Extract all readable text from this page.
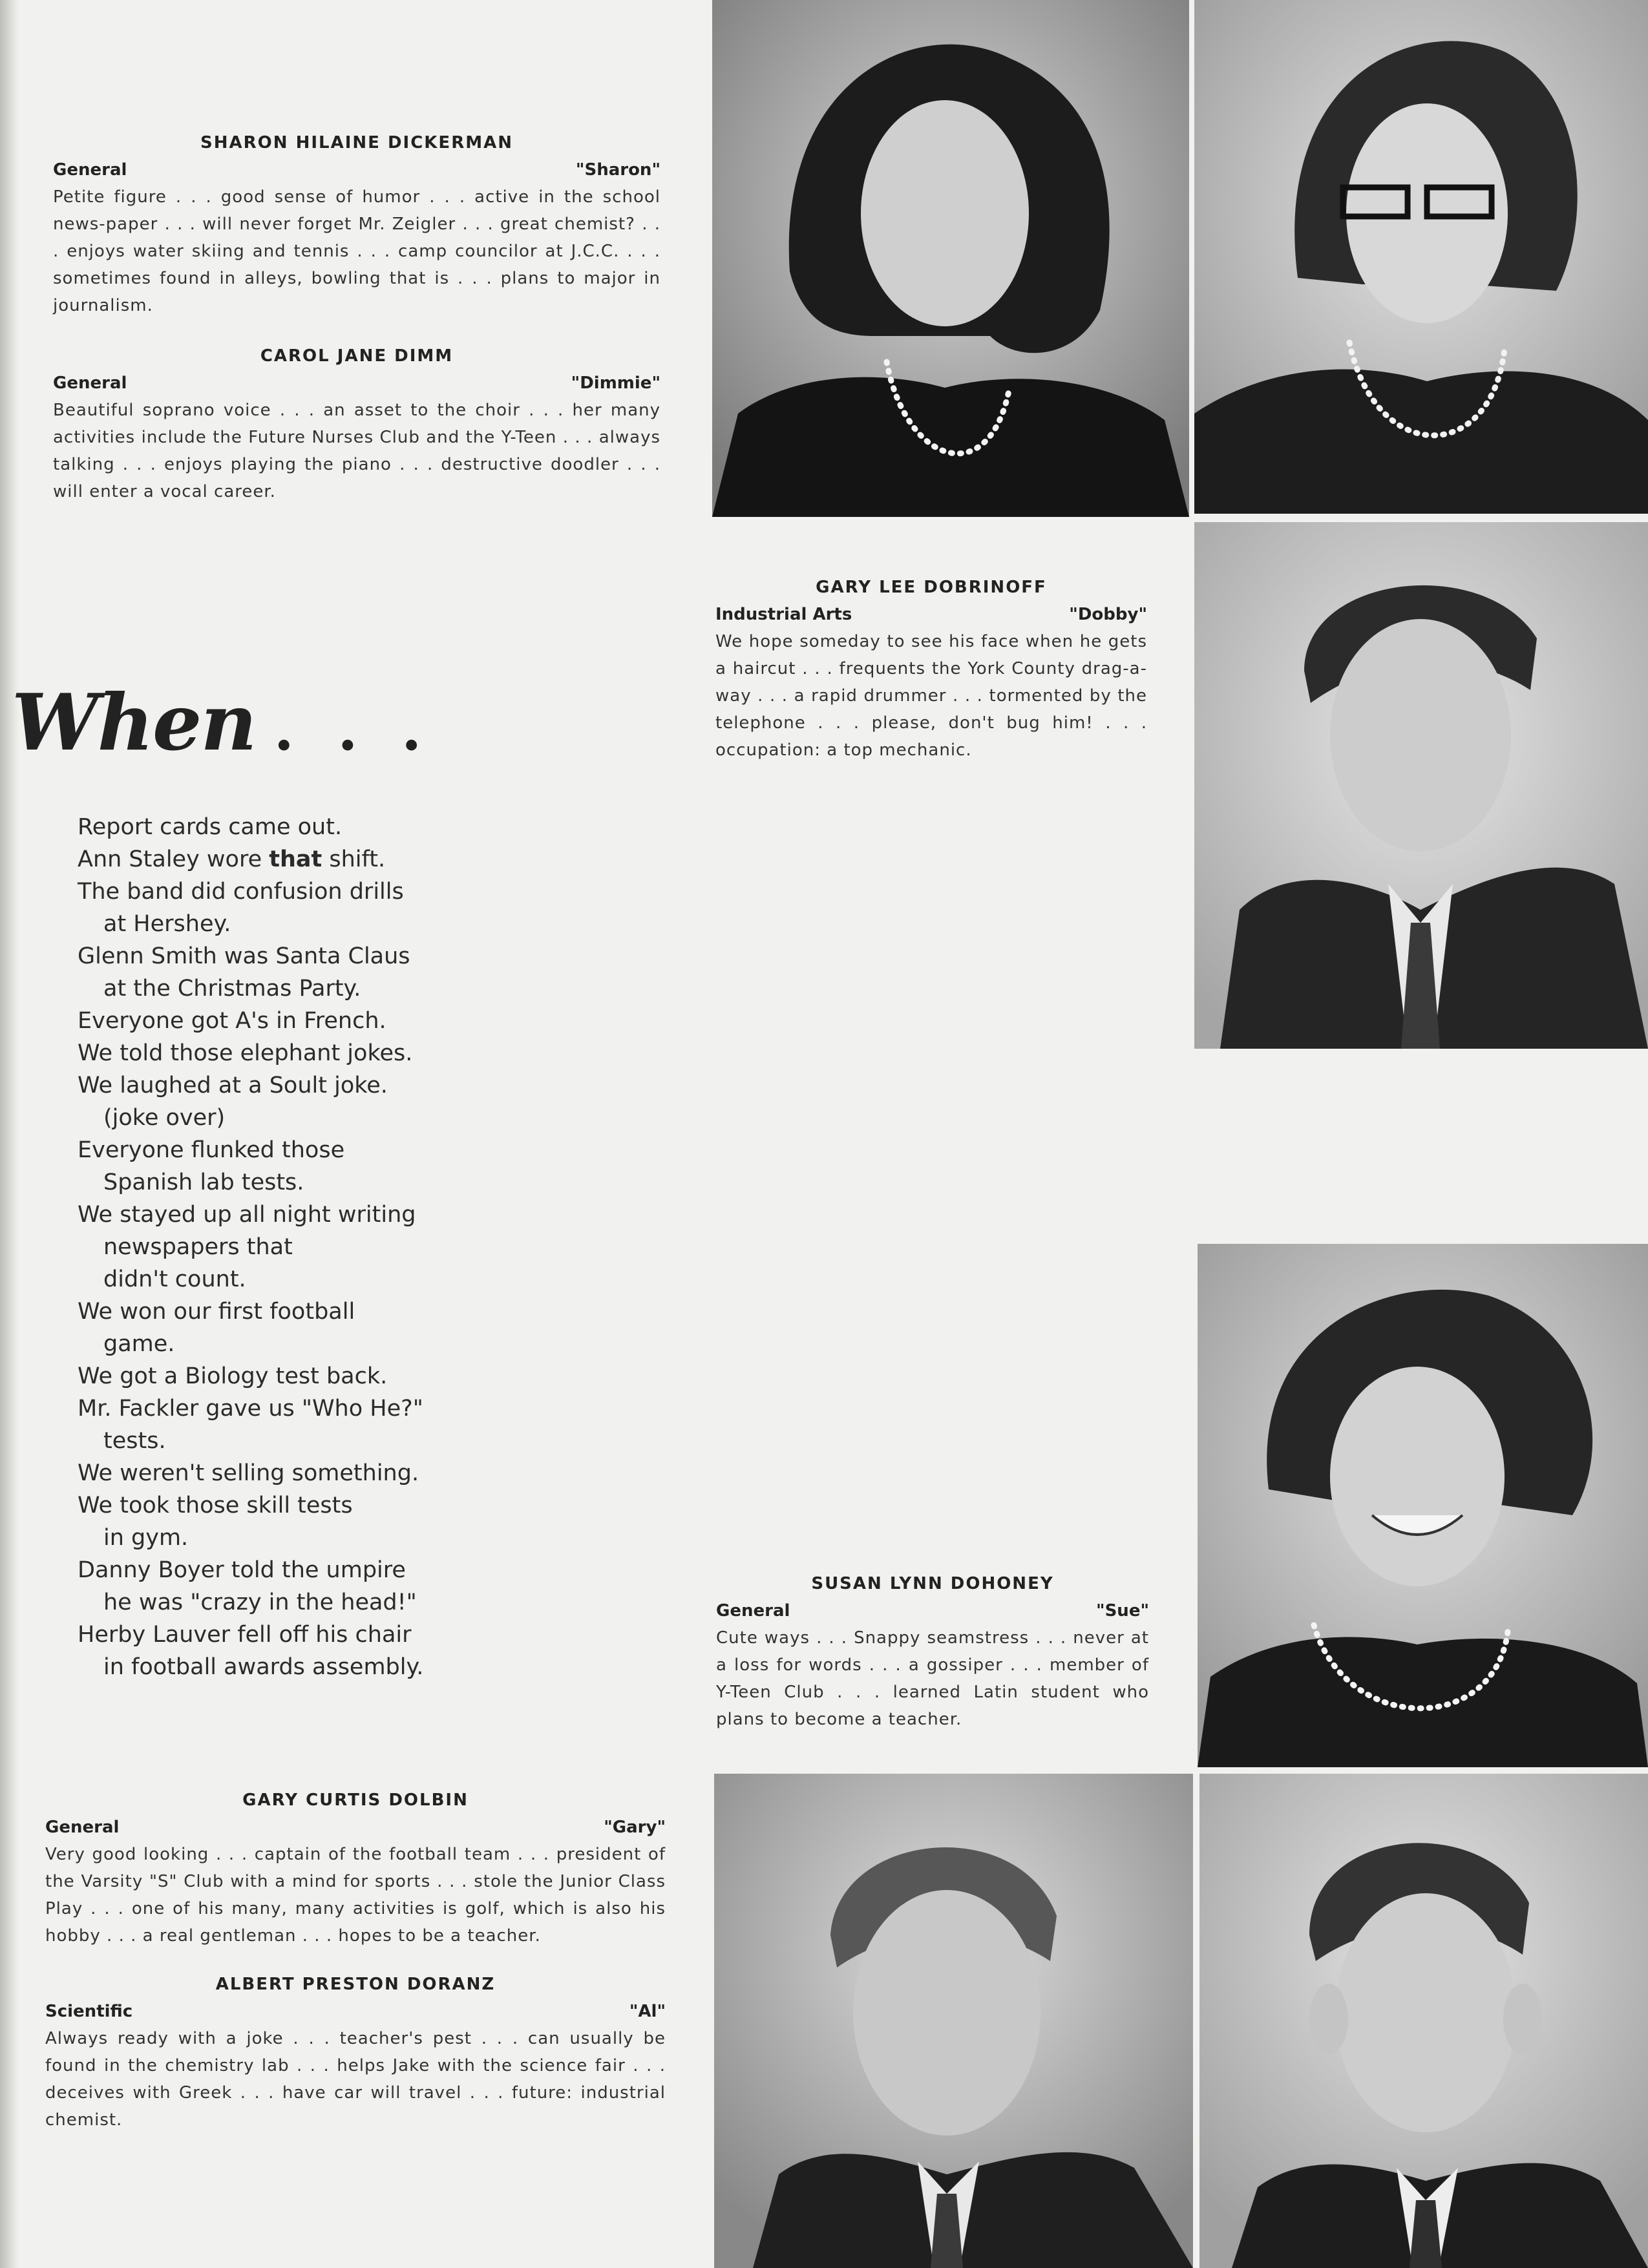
SHARON HILAINE DICKERMAN
General	"Sharon"
Petite figure . . . good sense of humor . . . active in the school news-paper . . . will never forget Mr. Zeigler . . . great chemist? . . . enjoys water skiing and tennis . . . camp councilor at J.C.C. . . . sometimes found in alleys, bowling that is . . . plans to major in journalism.
CAROL JANE DIMM
General	"Dimmie"
Beautiful soprano voice . . . an asset to the choir . . . her many activities include the Future Nurses Club and the Y-Teen . . . always talking . . . enjoys playing the piano . . . destructive doodler . . . will enter a vocal career.
GARY LEE DOBRINOFF
Industrial Arts	"Dobby"
We hope someday to see his face when he gets a haircut . . . frequents the York County drag-a-way . . . a rapid drummer . . . tormented by the telephone . . . please, don't bug him! . . . occupation: a top mechanic.
SUSAN LYNN DOHONEY
General	"Sue"
Cute ways . . . Snappy seamstress . . . never at a loss for words . . . a gossiper . . . member of Y-Teen Club . . . learned Latin student who plans to become a teacher.
GARY CURTIS DOLBIN
General	"Gary"
Very good looking . . . captain of the football team . . . president of the Varsity "S" Club with a mind for sports . . . stole the Junior Class Play . . . one of his many, many activities is golf, which is also his hobby . . . a real gentleman . . . hopes to be a teacher.
ALBERT PRESTON DORANZ
Scientific	"Al"
Always ready with a joke . . . teacher's pest . . . can usually be found in the chemistry lab . . . helps Jake with the science fair . . . deceives with Greek . . . have car will travel . . . future: industrial chemist.
When . . .
Report cards came out.
Ann Staley wore that shift.
The band did confusion drills
at Hershey.
Glenn Smith was Santa Claus
at the Christmas Party.
Everyone got A's in French.
We told those elephant jokes.
We laughed at a Soult joke.
(joke over)
Everyone flunked those
Spanish lab tests.
We stayed up all night writing
newspapers that
didn't count.
We won our first football
game.
We got a Biology test back.
Mr. Fackler gave us "Who He?"
tests.
We weren't selling something.
We took those skill tests
in gym.
Danny Boyer told the umpire
he was "crazy in the head!"
Herby Lauver fell off his chair
in football awards assembly.
